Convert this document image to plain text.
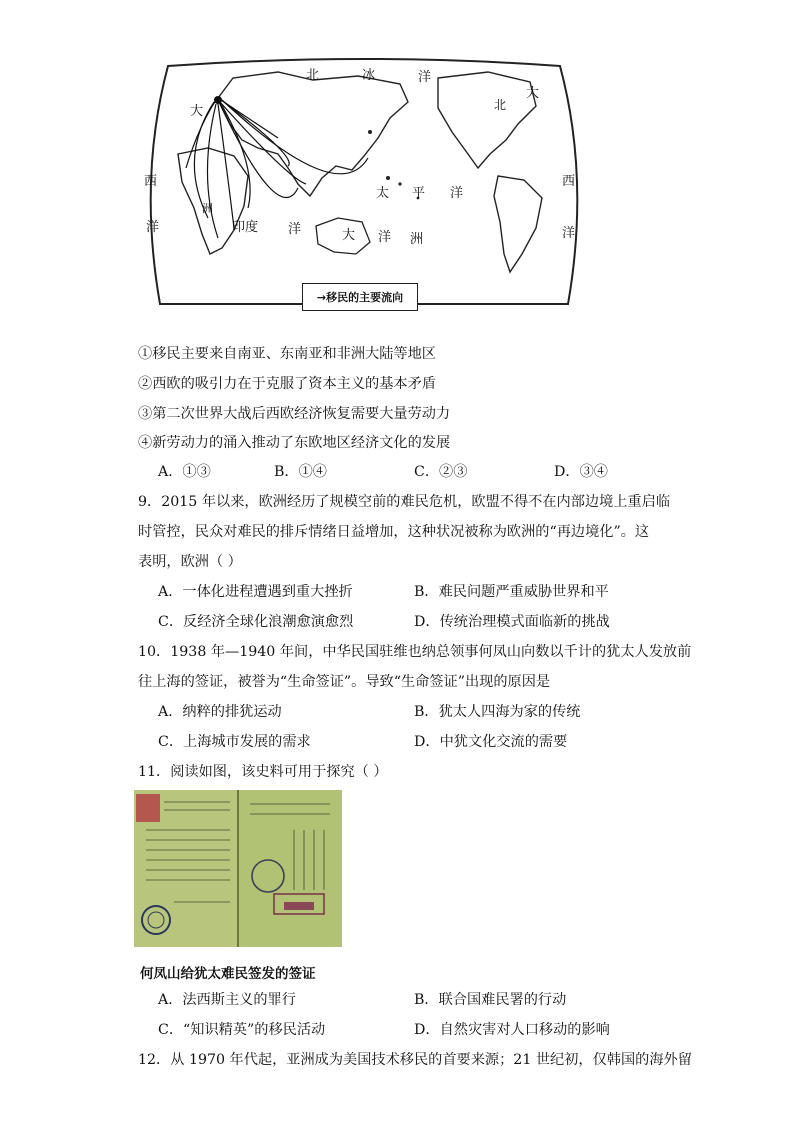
北	冰	洋
大
西
洋
大
西
洋
印度 洋
太 平 洋
大 洋 洲
北
洲
→移民的主要流向
①移民主要来自南亚、东南亚和非洲大陆等地区
②西欧的吸引力在于克服了资本主义的基本矛盾
③第二次世界大战后西欧经济恢复需要大量劳动力
④新劳动力的涌入推动了东欧地区经济文化的发展
A．①③	B．①④	C．②③	D．③④
9．2015 年以来，欧洲经历了规模空前的难民危机，欧盟不得不在内部边境上重启临
时管控，民众对难民的排斥情绪日益增加，这种状况被称为欧洲的“再边境化”。这
表明，欧洲（ ）
A．一体化进程遭遇到重大挫折	B．难民问题严重威胁世界和平
C．反经济全球化浪潮愈演愈烈	D．传统治理模式面临新的挑战
10．1938 年—1940 年间，中华民国驻维也纳总领事何凤山向数以千计的犹太人发放前
往上海的签证，被誉为“生命签证”。导致“生命签证”出现的原因是
A．纳粹的排犹运动	B．犹太人四海为家的传统
C．上海城市发展的需求	D．中犹文化交流的需要
11．阅读如图，该史料可用于探究（ ）
何凤山给犹太难民签发的签证
A．法西斯主义的罪行	B．联合国难民署的行动
C．“知识精英”的移民活动	D．自然灾害对人口移动的影响
12．从 1970 年代起，亚洲成为美国技术移民的首要来源；21 世纪初，仅韩国的海外留
